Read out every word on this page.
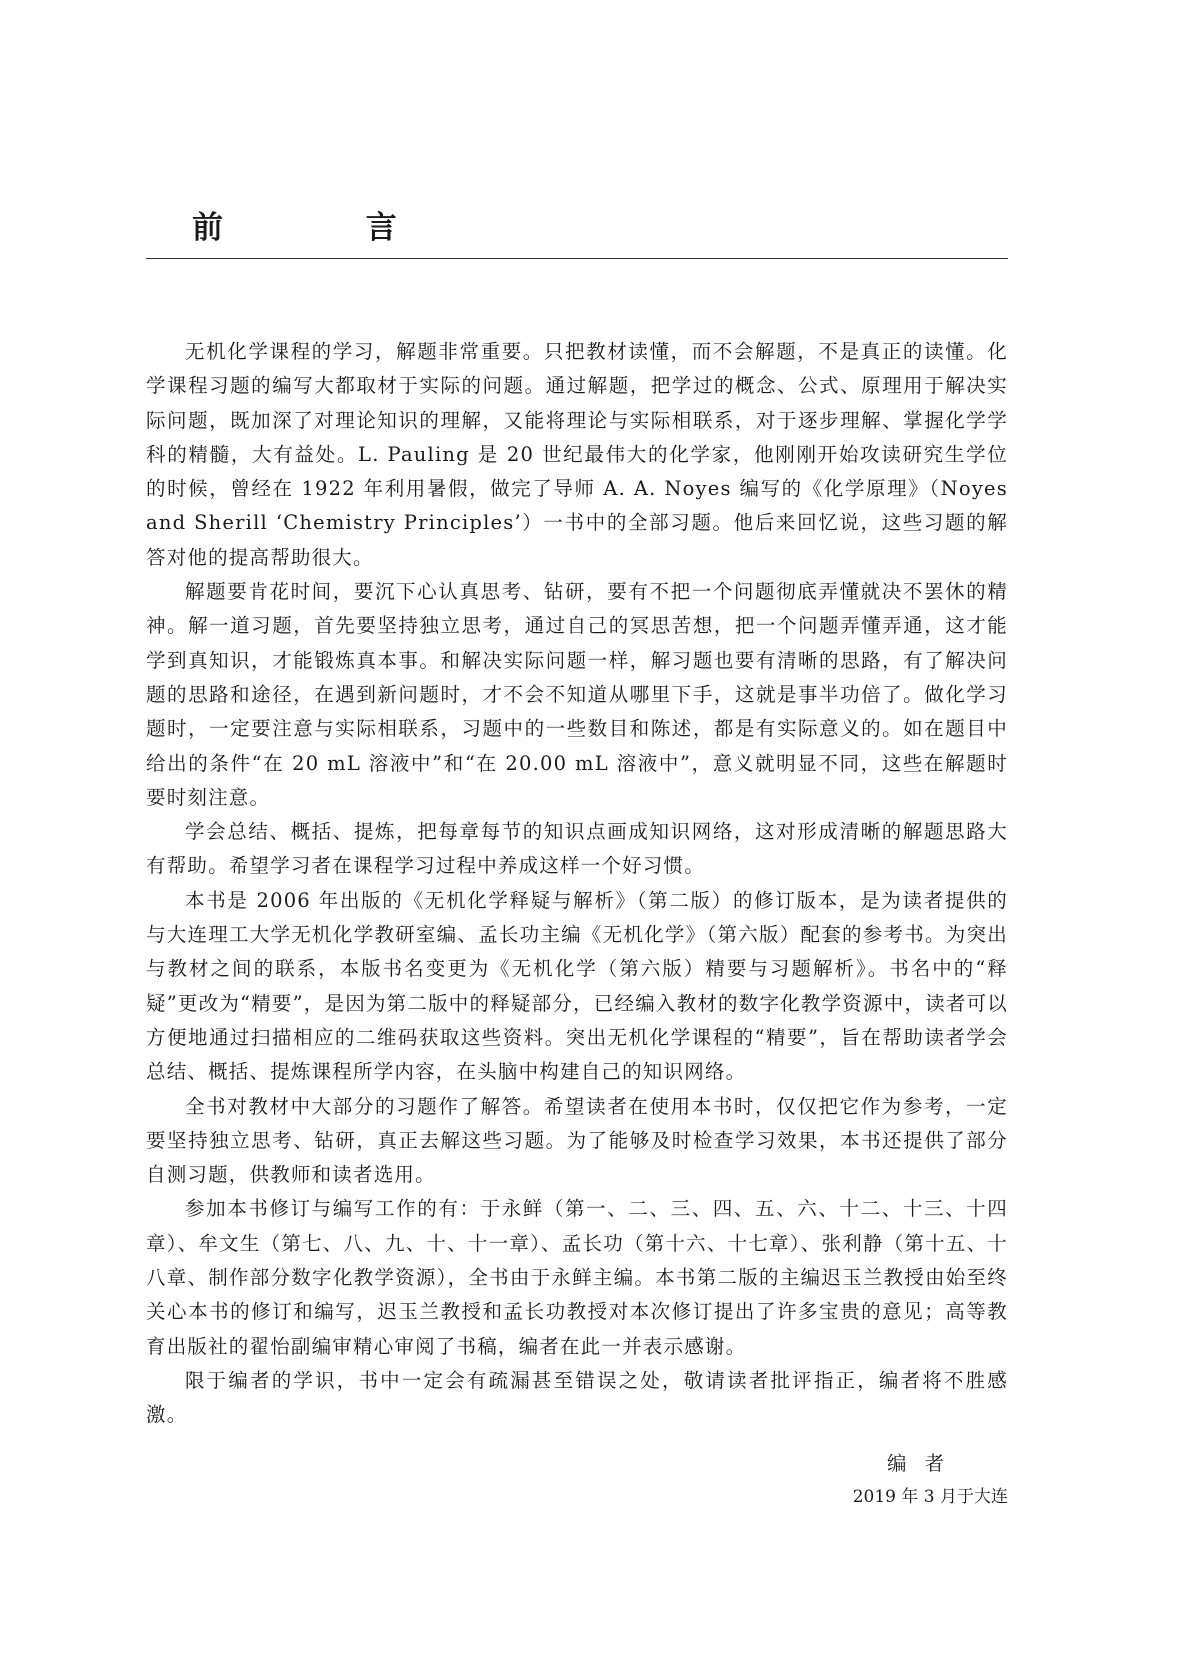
前 言

无机化学课程的学习，解题非常重要。只把教材读懂，而不会解题，不是真正的读懂。化学课程习题的编写大都取材于实际的问题。通过解题，把学过的概念、公式、原理用于解决实际问题，既加深了对理论知识的理解，又能将理论与实际相联系，对于逐步理解、掌握化学学科的精髓，大有益处。L. Pauling 是 20 世纪最伟大的化学家，他刚刚开始攻读研究生学位的时候，曾经在 1922 年利用暑假，做完了导师 A. A. Noyes 编写的《化学原理》（Noyes and Sherill ‘Chemistry Principles’）一书中的全部习题。他后来回忆说，这些习题的解答对他的提高帮助很大。

解题要肯花时间，要沉下心认真思考、钻研，要有不把一个问题彻底弄懂就决不罢休的精神。解一道习题，首先要坚持独立思考，通过自己的冥思苦想，把一个问题弄懂弄通，这才能学到真知识，才能锻炼真本事。和解决实际问题一样，解习题也要有清晰的思路，有了解决问题的思路和途径，在遇到新问题时，才不会不知道从哪里下手，这就是事半功倍了。做化学习题时，一定要注意与实际相联系，习题中的一些数目和陈述，都是有实际意义的。如在题目中给出的条件“在 20 mL 溶液中”和“在 20.00 mL 溶液中”，意义就明显不同，这些在解题时要时刻注意。

学会总结、概括、提炼，把每章每节的知识点画成知识网络，这对形成清晰的解题思路大有帮助。希望学习者在课程学习过程中养成这样一个好习惯。

本书是 2006 年出版的《无机化学释疑与解析》（第二版）的修订版本，是为读者提供的与大连理工大学无机化学教研室编、孟长功主编《无机化学》（第六版）配套的参考书。为突出与教材之间的联系，本版书名变更为《无机化学（第六版）精要与习题解析》。书名中的“释疑”更改为“精要”，是因为第二版中的释疑部分，已经编入教材的数字化教学资源中，读者可以方便地通过扫描相应的二维码获取这些资料。突出无机化学课程的“精要”，旨在帮助读者学会总结、概括、提炼课程所学内容，在头脑中构建自己的知识网络。

全书对教材中大部分的习题作了解答。希望读者在使用本书时，仅仅把它作为参考，一定要坚持独立思考、钻研，真正去解这些习题。为了能够及时检查学习效果，本书还提供了部分自测习题，供教师和读者选用。

参加本书修订与编写工作的有：于永鲜（第一、二、三、四、五、六、十二、十三、十四章）、牟文生（第七、八、九、十、十一章）、孟长功（第十六、十七章）、张利静（第十五、十八章、制作部分数字化教学资源），全书由于永鲜主编。本书第二版的主编迟玉兰教授由始至终关心本书的修订和编写，迟玉兰教授和孟长功教授对本次修订提出了许多宝贵的意见；高等教育出版社的翟怡副编审精心审阅了书稿，编者在此一并表示感谢。

限于编者的学识，书中一定会有疏漏甚至错误之处，敬请读者批评指正，编者将不胜感激。

编者
2019 年 3 月于大连
